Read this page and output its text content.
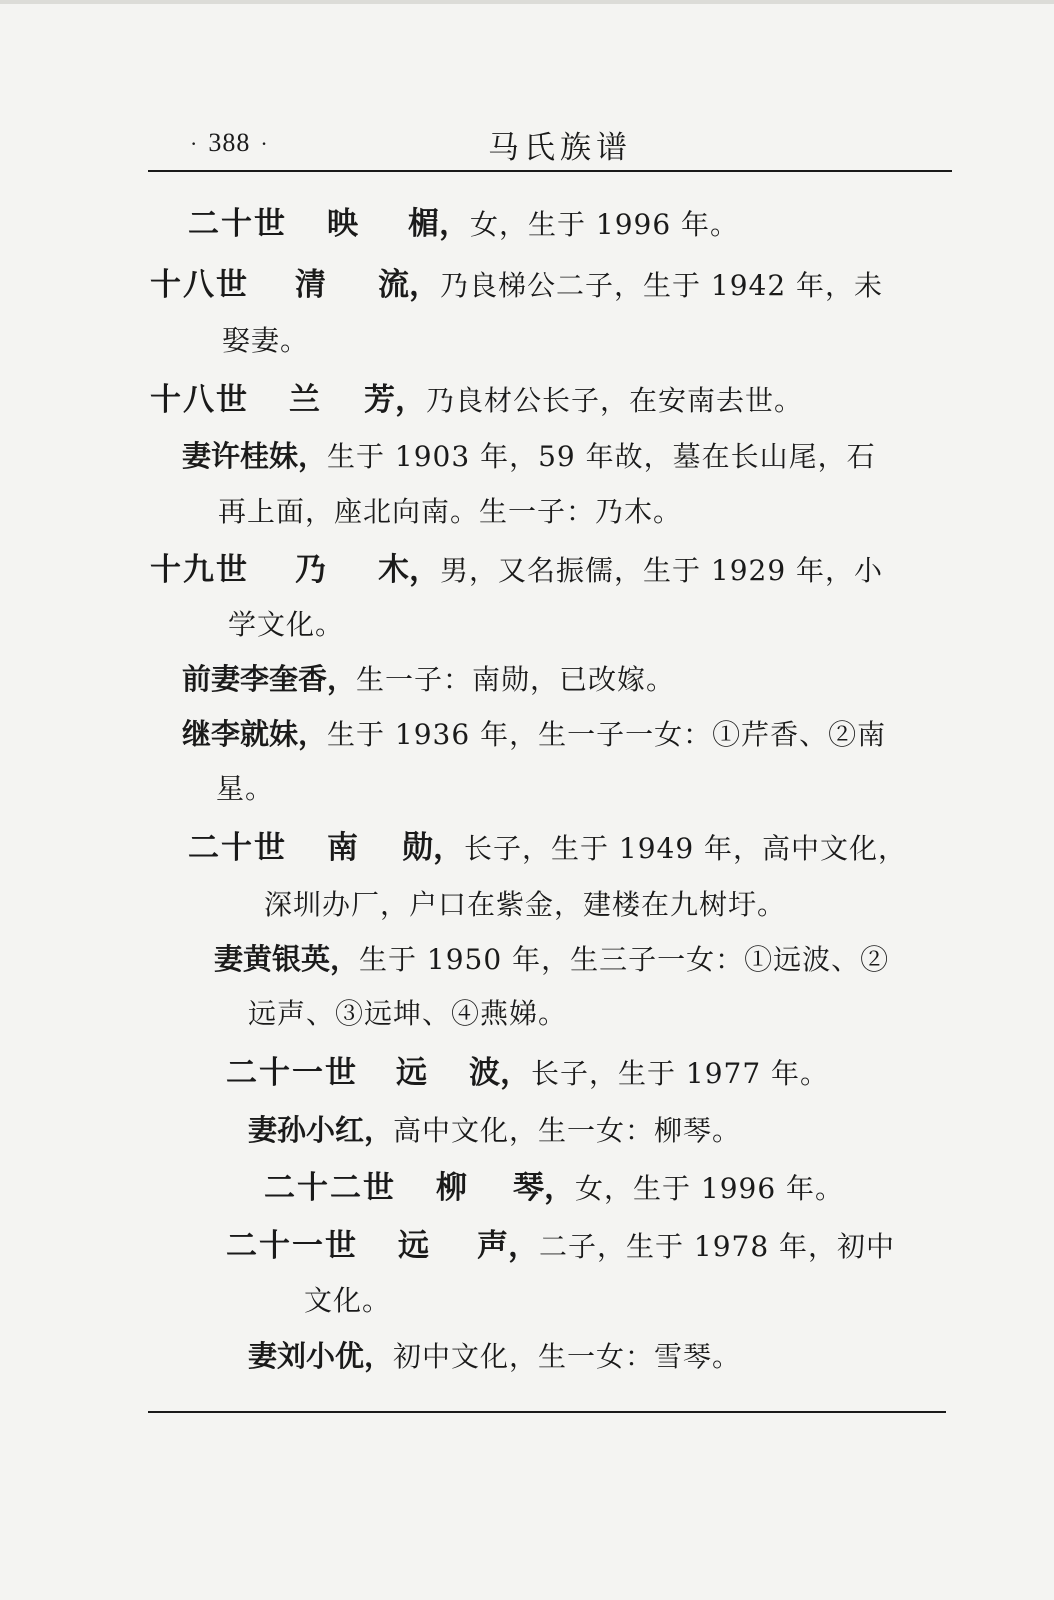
· 388 ·	马氏族谱
二十世 映 楣，女，生于 1996 年。
十八世 清 流，乃良梯公二子，生于 1942 年，未
娶妻。
十八世 兰 芳，乃良材公长子，在安南去世。
妻许桂妹，生于 1903 年，59 年故，墓在长山尾，石
再上面，座北向南。生一子：乃木。
十九世 乃 木，男，又名振儒，生于 1929 年，小
学文化。
前妻李奎香，生一子：南勋，已改嫁。
继李就妹，生于 1936 年，生一子一女：①芹香、②南
星。
二十世 南 勋，长子，生于 1949 年，高中文化，
深圳办厂，户口在紫金，建楼在九树圩。
妻黄银英，生于 1950 年，生三子一女：①远波、②
远声、③远坤、④燕娣。
二十一世 远 波，长子，生于 1977 年。
妻孙小红，高中文化，生一女：柳琴。
二十二世 柳 琴，女，生于 1996 年。
二十一世 远 声，二子，生于 1978 年，初中
文化。
妻刘小优，初中文化，生一女：雪琴。
